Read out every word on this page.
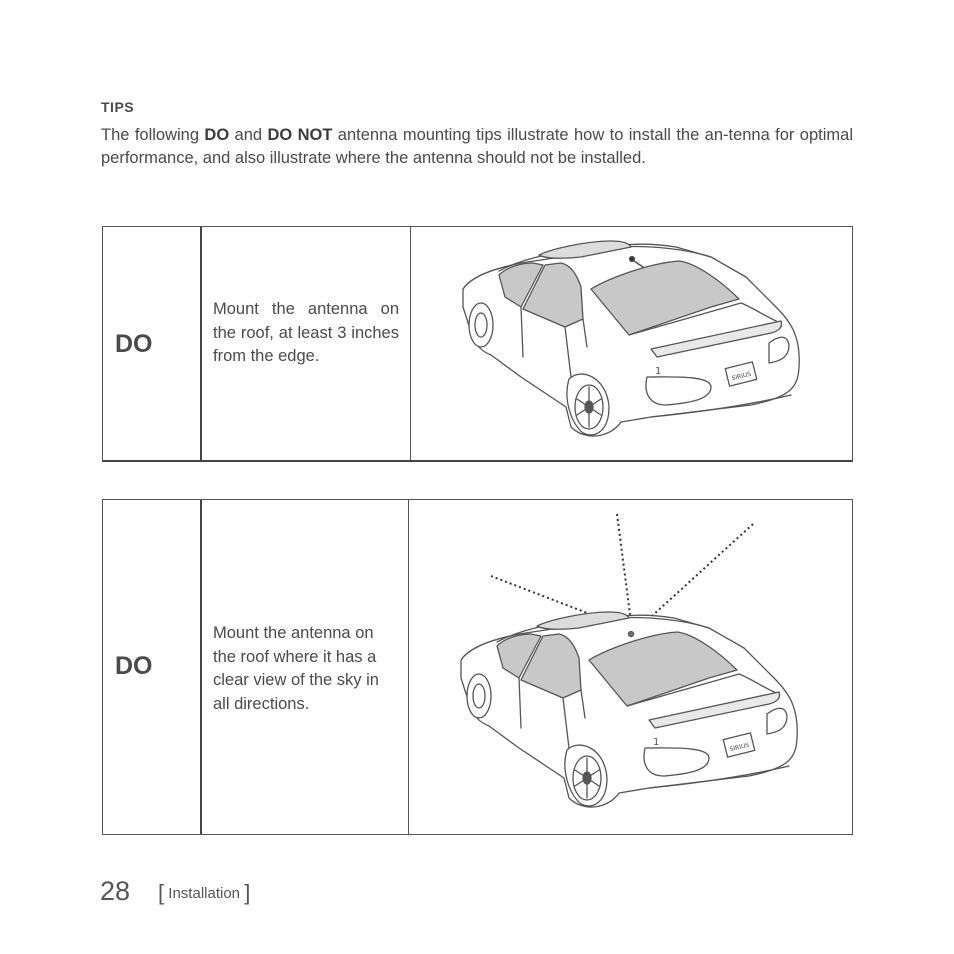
TIPS
The following DO and DO NOT antenna mounting tips illustrate how to install the an-tenna for optimal performance, and also illustrate where the antenna should not be installed.
DO
Mount the antenna on the roof, at least 3 inches from the edge.
SIRIUS
1
DO
Mount the antenna on the roof where it has a clear view of the sky in all directions.
SIRIUS
1
28 [ Installation ]
